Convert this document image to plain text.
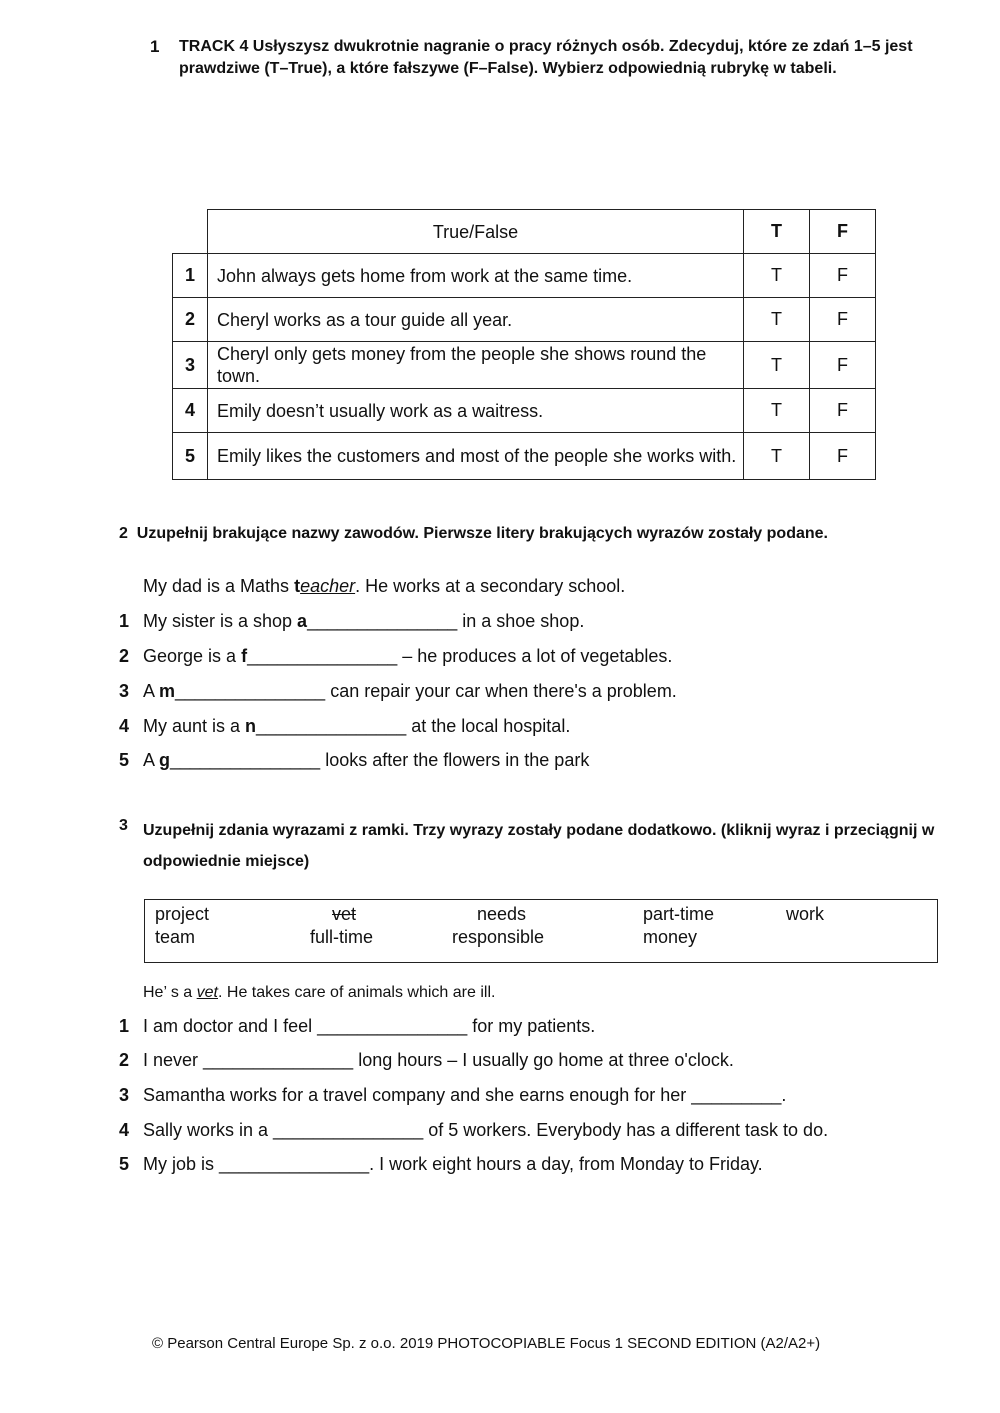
1 TRACK 4 Usłyszysz dwukrotnie nagranie o pracy różnych osób. Zdecyduj, które ze zdań 1–5 jest prawdziwe (T–True), a które fałszywe (F–False). Wybierz odpowiednią rubrykę w tabeli.
	True/False	T	F
1	John always gets home from work at the same time.	T	F
2	Cheryl works as a tour guide all year.	T	F
3	Cheryl only gets money from the people she shows round the town.	T	F
4	Emily doesn’t usually work as a waitress.	T	F
5	Emily likes the customers and most of the people she works with.	T	F
2 Uzupełnij brakujące nazwy zawodów. Pierwsze litery brakujących wyrazów zostały podane.
My dad is a Maths teacher. He works at a secondary school.
1 My sister is a shop a_______________ in a shoe shop.
2 George is a f_______________ – he produces a lot of vegetables.
3 A m_______________ can repair your car when there's a problem.
4 My aunt is a n_______________ at the local hospital.
5 A g_______________ looks after the flowers in the park
3 Uzupełnij zdania wyrazami z ramki. Trzy wyrazy zostały podane dodatkowo. (kliknij wyraz i przeciągnij w odpowiednie miejsce)
project	vet	needs	part-time	work
team	full-time	responsible	money
He’ s a vet. He takes care of animals which are ill.
1 I am doctor and I feel _______________ for my patients.
2 I never _______________ long hours – I usually go home at three o'clock.
3 Samantha works for a travel company and she earns enough for her _________.
4 Sally works in a _______________ of 5 workers. Everybody has a different task to do.
5 My job is _______________. I work eight hours a day, from Monday to Friday.
© Pearson Central Europe Sp. z o.o. 2019 PHOTOCOPIABLE Focus 1 SECOND EDITION (A2/A2+)
